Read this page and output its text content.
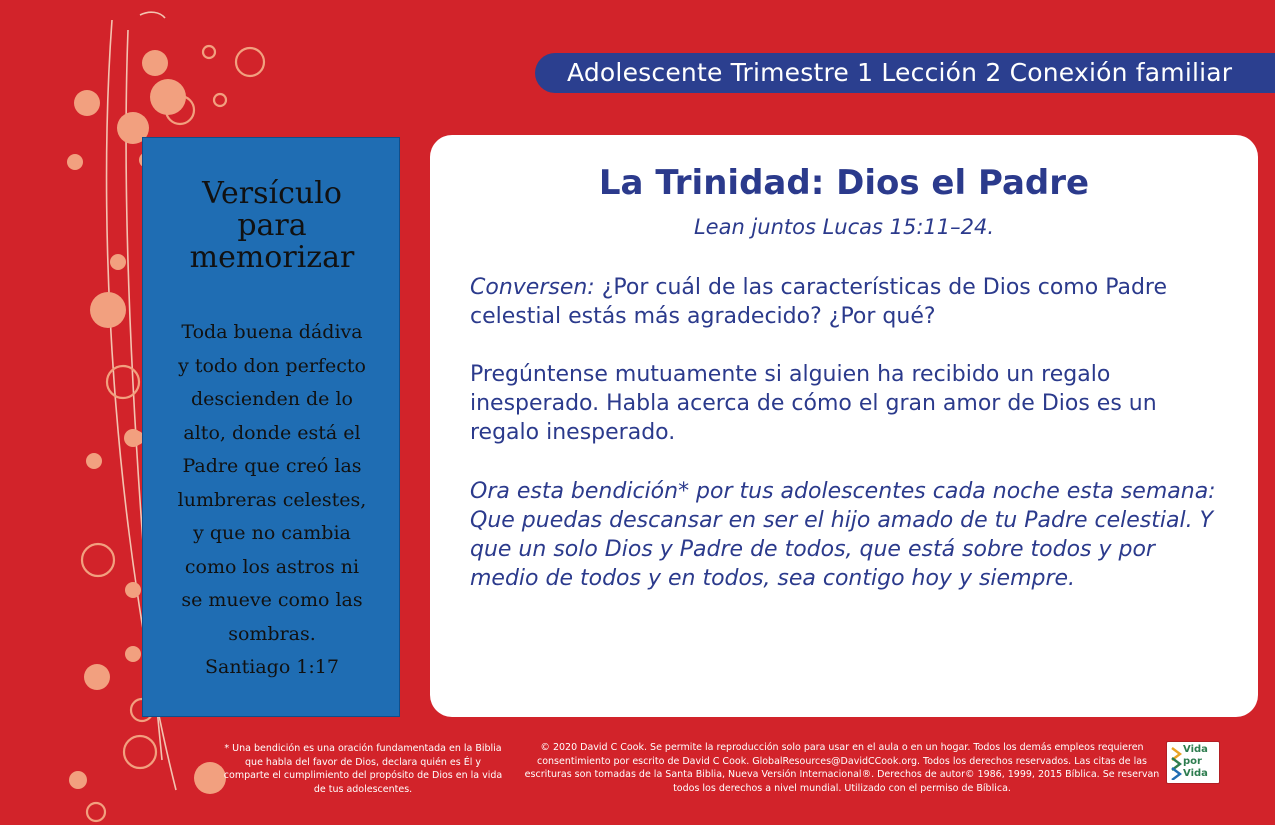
Adolescente Trimestre 1 Lección 2 Conexión familiar
Versículo
para
memorizar
Toda buena dádiva
y todo don perfecto
descienden de lo
alto, donde está el
Padre que creó las
lumbreras celestes,
y que no cambia
como los astros ni
se mueve como las
sombras.
Santiago 1:17
La Trinidad: Dios el Padre
Lean juntos Lucas 15:11–24.
Conversen: ¿Por cuál de las características de Dios como Padre celestial estás más agradecido? ¿Por qué?
Pregúntense mutuamente si alguien ha recibido un regalo inesperado. Habla acerca de cómo el gran amor de Dios es un regalo inesperado.
Ora esta bendición* por tus adolescentes cada noche esta semana: Que puedas descansar en ser el hijo amado de tu Padre celestial. Y que un solo Dios y Padre de todos, que está sobre todos y por medio de todos y en todos, sea contigo hoy y siempre.
* Una bendición es una oración fundamentada en la Biblia que habla del favor de Dios, declara quién es Él y comparte el cumplimiento del propósito de Dios en la vida de tus adolescentes.
© 2020 David C Cook. Se permite la reproducción solo para usar en el aula o en un hogar. Todos los demás empleos requieren consentimiento por escrito de David C Cook. GlobalResources@DavidCCook.org. Todos los derechos reservados. Las citas de las escrituras son tomadas de la Santa Biblia, Nueva Versión Internacional®. Derechos de autor© 1986, 1999, 2015 Bíblica. Se reservan todos los derechos a nivel mundial. Utilizado con el permiso de Bíblica.
Vida
por
Vida
